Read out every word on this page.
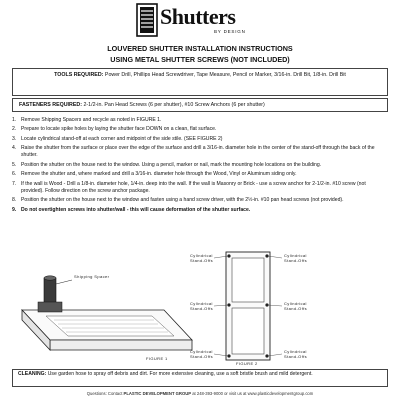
Shutters
BY DESIGN
LOUVERED SHUTTER INSTALLATION INSTRUCTIONS
USING METAL SHUTTER SCREWS (NOT INCLUDED)
TOOLS REQUIRED: Power Drill, Phillips Head Screwdriver, Tape Measure, Pencil or Marker, 3/16-in. Drill Bit, 1/8-in. Drill Bit
FASTENERS REQUIRED: 2-1/2-in. Pan Head Screws (6 per shutter), #10 Screw Anchors (6 per shutter)
1. Remove Shipping Spacers and recycle as noted in FIGURE 1.
2. Prepare to locate spike holes by laying the shutter face DOWN on a clean, flat surface.
3. Locate cylindrical stand-off at each corner and midpoint of the side stile. (SEE FIGURE 2)
4. Raise the shutter from the surface or place over the edge of the surface and drill a 3/16-in. diameter hole in the center of the stand-off through the back of the shutter.
5. Position the shutter on the house next to the window. Using a pencil, marker or nail, mark the mounting hole locations on the building.
6. Remove the shutter and, where marked and drill a 3/16-in. diameter hole through the Wood, Vinyl or Aluminum siding only.
7. If the wall is Wood - Drill a 1/8-in. diameter hole, 1/4-in. deep into the wall. If the wall is Masonry or Brick - use a screw anchor for 2-1/2-in. #10 screw (not provided). Follow direction on the screw anchor package.
8. Position the shutter on the house next to the window and fasten using a hand screw driver, with the 2½-in. #10 pan head screws (not provided).
9. Do not overtighten screws into shutter/wall - this will cause deformation of the shutter surface.
Shipping Spacer
FIGURE 1
Cylindrical
Stand-Offs
Cylindrical
Stand-Offs
Cylindrical
Stand-Offs
Cylindrical
Stand-Offs
Cylindrical
Stand-Offs
Cylindrical
Stand-Offs
FIGURE 2
CLEANING: Use garden hose to spray off debris and dirt. For more extensive cleaning, use a soft bristle brush and mild detergent.
Questions: Contact PLASTIC DEVELOPMENT GROUP at 248-393-9000 or visit us at www.plasticdevelopmentgroup.com
